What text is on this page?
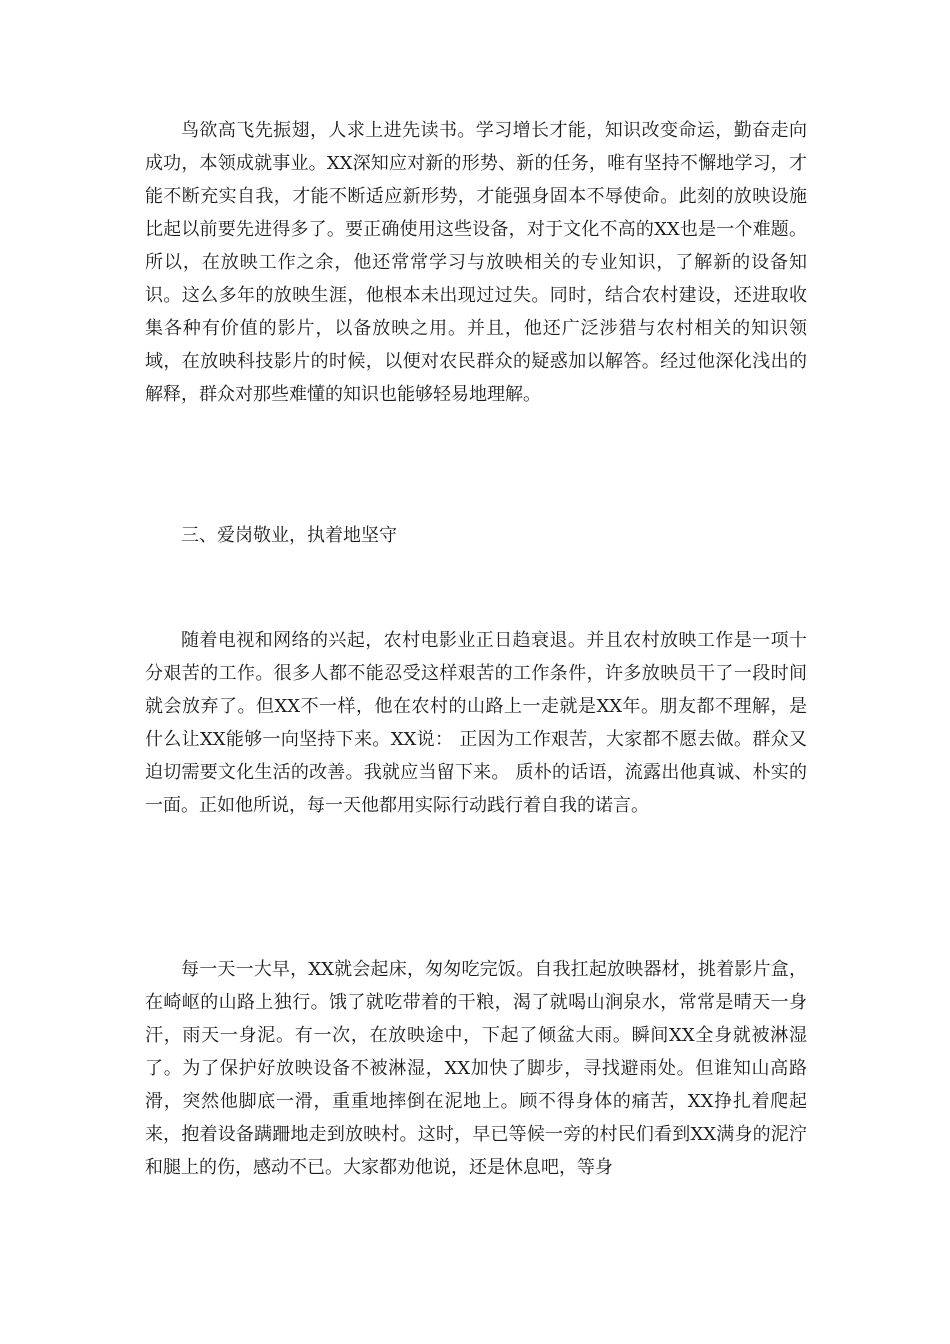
鸟欲高飞先振翅，人求上进先读书。学习增长才能，知识改变命运，勤奋走向成功，本领成就事业。XX深知应对新的形势、新的任务，唯有坚持不懈地学习，才能不断充实自我，才能不断适应新形势，才能强身固本不辱使命。此刻的放映设施比起以前要先进得多了。要正确使用这些设备，对于文化不高的XX也是一个难题。所以，在放映工作之余，他还常常学习与放映相关的专业知识，了解新的设备知识。这么多年的放映生涯，他根本未出现过过失。同时，结合农村建设，还进取收集各种有价值的影片，以备放映之用。并且，他还广泛涉猎与农村相关的知识领域，在放映科技影片的时候，以便对农民群众的疑惑加以解答。经过他深化浅出的解释，群众对那些难懂的知识也能够轻易地理解。

三、爱岗敬业，执着地坚守

随着电视和网络的兴起，农村电影业正日趋衰退。并且农村放映工作是一项十分艰苦的工作。很多人都不能忍受这样艰苦的工作条件，许多放映员干了一段时间就会放弃了。但XX不一样，他在农村的山路上一走就是XX年。朋友都不理解，是什么让XX能够一向坚持下来。XX说： 正因为工作艰苦，大家都不愿去做。群众又迫切需要文化生活的改善。我就应当留下来。 质朴的话语，流露出他真诚、朴实的一面。正如他所说，每一天他都用实际行动践行着自我的诺言。

每一天一大早，XX就会起床，匆匆吃完饭。自我扛起放映器材，挑着影片盒，在崎岖的山路上独行。饿了就吃带着的干粮，渴了就喝山涧泉水，常常是晴天一身汗，雨天一身泥。有一次，在放映途中，下起了倾盆大雨。瞬间XX全身就被淋湿了。为了保护好放映设备不被淋湿，XX加快了脚步，寻找避雨处。但谁知山高路滑，突然他脚底一滑，重重地摔倒在泥地上。顾不得身体的痛苦，XX挣扎着爬起来，抱着设备蹒跚地走到放映村。这时，早已等候一旁的村民们看到XX满身的泥泞和腿上的伤，感动不已。大家都劝他说，还是休息吧，等身
